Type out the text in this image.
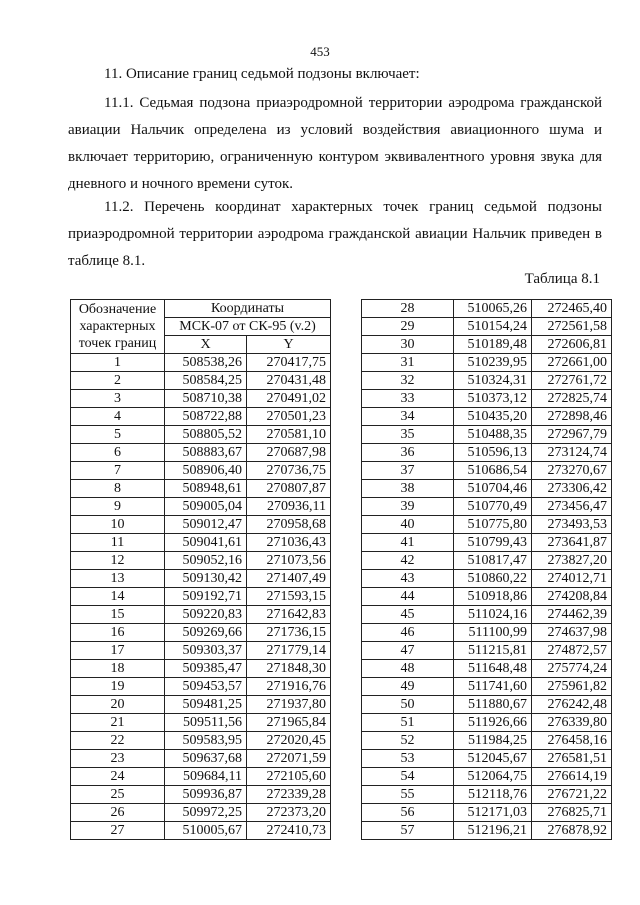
453
11. Описание границ седьмой подзоны включает:

11.1. Седьмая подзона приаэродромной территории аэродрома гражданской авиации Нальчик определена из условий воздействия авиационного шума и включает территорию, ограниченную контуром эквивалентного уровня звука для дневного и ночного времени суток.

11.2. Перечень координат характерных точек границ седьмой подзоны приаэродромной территории аэродрома гражданской авиации Нальчик приведен в таблице 8.1.

Таблица 8.1
Обозначение
характерных
точек границ	Координаты	
	МСК-07 от СК-95 (v.2)	
	X	Y
1	508538,26	270417,75
2	508584,25	270431,48
3	508710,38	270491,02
4	508722,88	270501,23
5	508805,52	270581,10
6	508883,67	270687,98
7	508906,40	270736,75
8	508948,61	270807,87
9	509005,04	270936,11
10	509012,47	270958,68
11	509041,61	271036,43
12	509052,16	271073,56
13	509130,42	271407,49
14	509192,71	271593,15
15	509220,83	271642,83
16	509269,66	271736,15
17	509303,37	271779,14
18	509385,47	271848,30
19	509453,57	271916,76
20	509481,25	271937,80
21	509511,56	271965,84
22	509583,95	272020,45
23	509637,68	272071,59
24	509684,11	272105,60
25	509936,87	272339,28
26	509972,25	272373,20
27	510005,67	272410,73
28	510065,26	272465,40
29	510154,24	272561,58
30	510189,48	272606,81
31	510239,95	272661,00
32	510324,31	272761,72
33	510373,12	272825,74
34	510435,20	272898,46
35	510488,35	272967,79
36	510596,13	273124,74
37	510686,54	273270,67
38	510704,46	273306,42
39	510770,49	273456,47
40	510775,80	273493,53
41	510799,43	273641,87
42	510817,47	273827,20
43	510860,22	274012,71
44	510918,86	274208,84
45	511024,16	274462,39
46	511100,99	274637,98
47	511215,81	274872,57
48	511648,48	275774,24
49	511741,60	275961,82
50	511880,67	276242,48
51	511926,66	276339,80
52	511984,25	276458,16
53	512045,67	276581,51
54	512064,75	276614,19
55	512118,76	276721,22
56	512171,03	276825,71
57	512196,21	276878,92
